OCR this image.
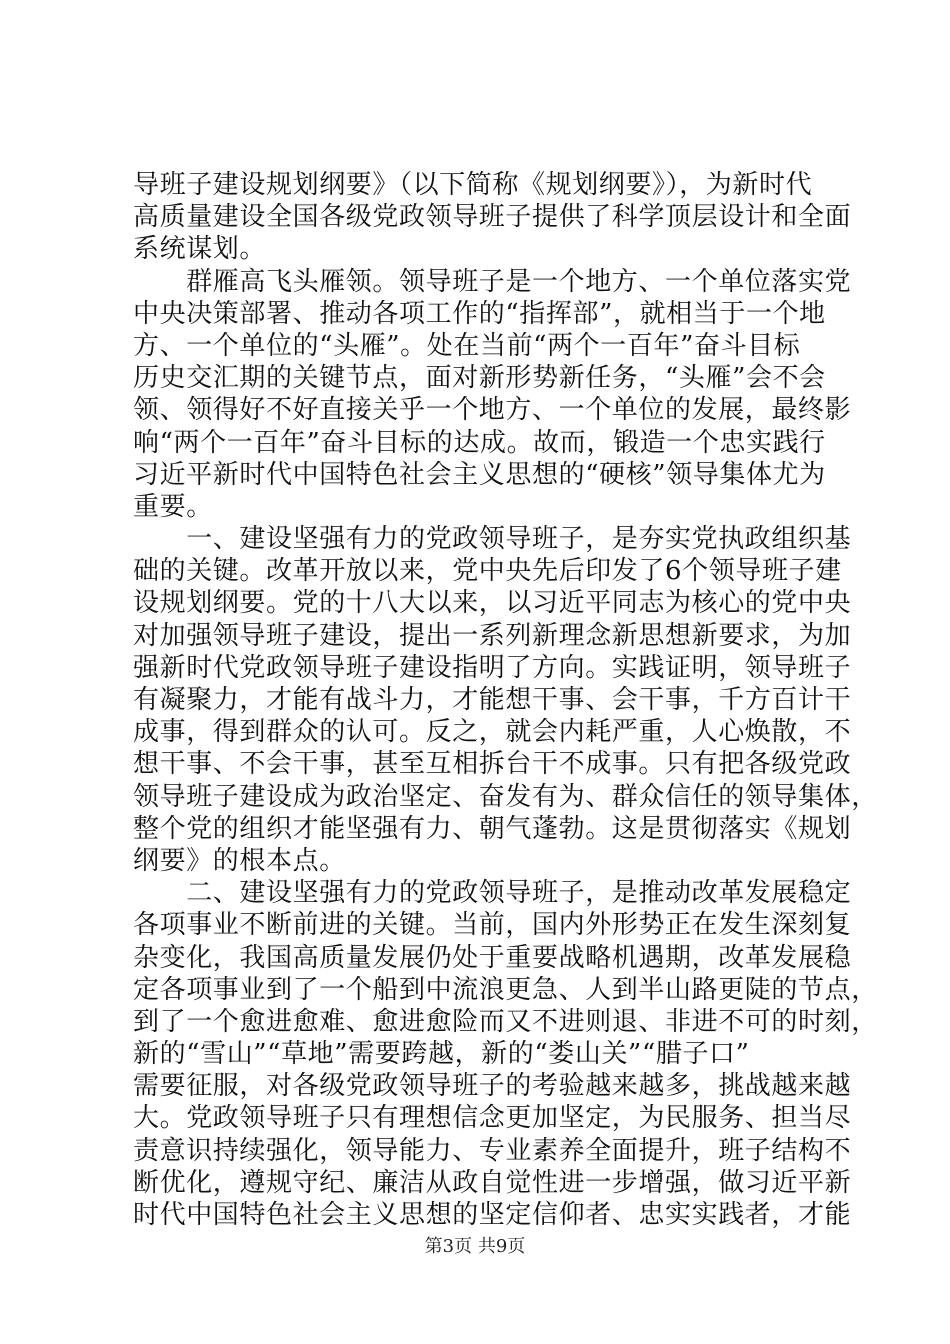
导班子建设规划纲要》（以下简称《规划纲要》），为新时代
高质量建设全国各级党政领导班子提供了科学顶层设计和全面
系统谋划。
　　群雁高飞头雁领。领导班子是一个地方、一个单位落实党
中央决策部署、推动各项工作的“指挥部”，就相当于一个地
方、一个单位的“头雁”。处在当前“两个一百年”奋斗目标
历史交汇期的关键节点，面对新形势新任务，“头雁”会不会
领、领得好不好直接关乎一个地方、一个单位的发展，最终影
响“两个一百年”奋斗目标的达成。故而，锻造一个忠实践行
习近平新时代中国特色社会主义思想的“硬核”领导集体尤为
重要。
　　一、建设坚强有力的党政领导班子，是夯实党执政组织基
础的关键。改革开放以来，党中央先后印发了6个领导班子建
设规划纲要。党的十八大以来，以习近平同志为核心的党中央
对加强领导班子建设，提出一系列新理念新思想新要求，为加
强新时代党政领导班子建设指明了方向。实践证明，领导班子
有凝聚力，才能有战斗力，才能想干事、会干事，千方百计干
成事，得到群众的认可。反之，就会内耗严重，人心焕散，不
想干事、不会干事，甚至互相拆台干不成事。只有把各级党政
领导班子建设成为政治坚定、奋发有为、群众信任的领导集体，
整个党的组织才能坚强有力、朝气蓬勃。这是贯彻落实《规划
纲要》的根本点。
　　二、建设坚强有力的党政领导班子，是推动改革发展稳定
各项事业不断前进的关键。当前，国内外形势正在发生深刻复
杂变化，我国高质量发展仍处于重要战略机遇期，改革发展稳
定各项事业到了一个船到中流浪更急、人到半山路更陡的节点，
到了一个愈进愈难、愈进愈险而又不进则退、非进不可的时刻，
新的“雪山”“草地”需要跨越，新的“娄山关”“腊子口”
需要征服，对各级党政领导班子的考验越来越多，挑战越来越
大。党政领导班子只有理想信念更加坚定，为民服务、担当尽
责意识持续强化，领导能力、专业素养全面提升，班子结构不
断优化，遵规守纪、廉洁从政自觉性进一步增强，做习近平新
时代中国特色社会主义思想的坚定信仰者、忠实实践者，才能
第3页 共9页
